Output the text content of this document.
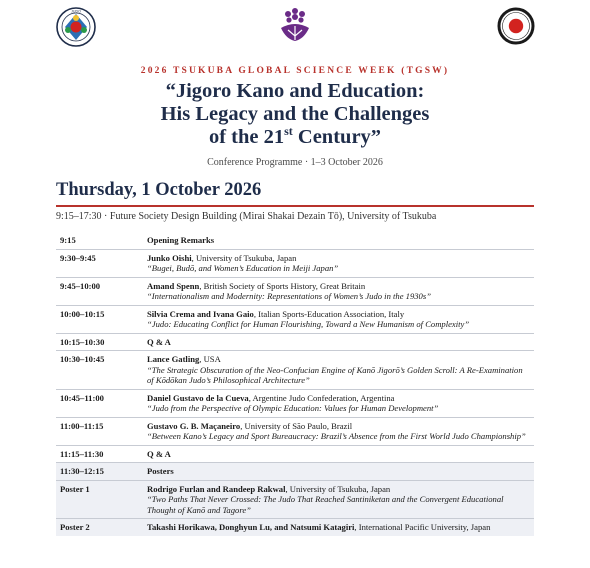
JUDO
2026 TSUKUBA GLOBAL SCIENCE WEEK (TGSW)
“Jigoro Kano and Education:
His Legacy and the Challenges
of the 21st Century”
Conference Programme · 1–3 October 2026
Thursday, 1 October 2026
9:15–17:30 · Future Society Design Building (Mirai Shakai Dezain Tō), University of Tsukuba
9:15	Opening Remarks
9:30–9:45	Junko Oishi, University of Tsukuba, Japan
“Bugei, Budō, and Women’s Education in Meiji Japan”

9:45–10:00	Amand Spenn, British Society of Sports History, Great Britain
“Internationalism and Modernity: Representations of Women’s Judo in the 1930s”

10:00–10:15	Silvia Crema and Ivana Gaio, Italian Sports-Education Association, Italy
“Judo: Educating Conflict for Human Flourishing, Toward a New Humanism of Complexity”

10:15–10:30	Q & A
10:30–10:45	Lance Gatling, USA
“The Strategic Obscuration of the Neo-Confucian Engine of Kanō Jigorō’s Golden Scroll: A Re-Examination of Kōdōkan Judo’s Philosophical Architecture”

10:45–11:00	Daniel Gustavo de la Cueva, Argentine Judo Confederation, Argentina
“Judo from the Perspective of Olympic Education: Values for Human Development”

11:00–11:15	Gustavo G. B. Maçaneiro, University of São Paulo, Brazil
“Between Kano’s Legacy and Sport Bureaucracy: Brazil’s Absence from the First World Judo Championship”

11:15–11:30	Q & A
11:30–12:15	Posters
Poster 1	Rodrigo Furlan and Randeep Rakwal, University of Tsukuba, Japan
“Two Paths That Never Crossed: The Judo That Reached Santiniketan and the Convergent Educational Thought of Kanō and Tagore”

Poster 2	Takashi Horikawa, Donghyun Lu, and Natsumi Katagiri, International Pacific University, Japan
